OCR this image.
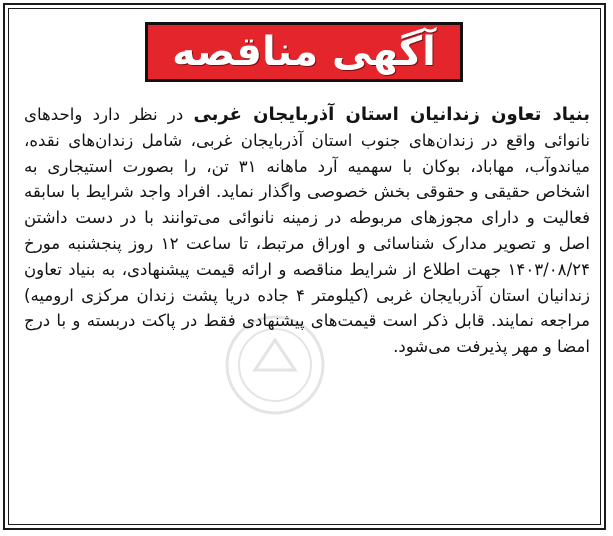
آگهی مناقصه
بنیاد تعاون زندانیان استان آذربایجان غربی در نظر دارد واحدهای نانوائی واقع در زندان‌های جنوب استان آذربایجان غربی، شامل زندان‌های نقده، میاندوآب، مهاباد، بوکان با سهمیه آرد ماهانه ۳۱ تن، را بصورت استیجاری به اشخاص حقیقی و حقوقی بخش خصوصی واگذار نماید. افراد واجد شرایط با سابقه فعالیت و دارای مجوزهای مربوطه در زمینه نانوائی می‌توانند با در دست داشتن اصل و تصویر مدارک شناسائی و اوراق مرتبط، تا ساعت ۱۲ روز پنجشنبه مورخ ۱۴۰۳/۰۸/۲۴ جهت اطلاع از شرایط مناقصه و ارائه قیمت پیشنهادی، به بنیاد تعاون زندانیان استان آذربایجان غربی (کیلومتر ۴ جاده دریا پشت زندان مرکزی ارومیه) مراجعه نمایند. قابل ذکر است قیمت‌های پیشنهادی فقط در پاکت دربسته و با درج امضا و مهر پذیرفت می‌شود.
